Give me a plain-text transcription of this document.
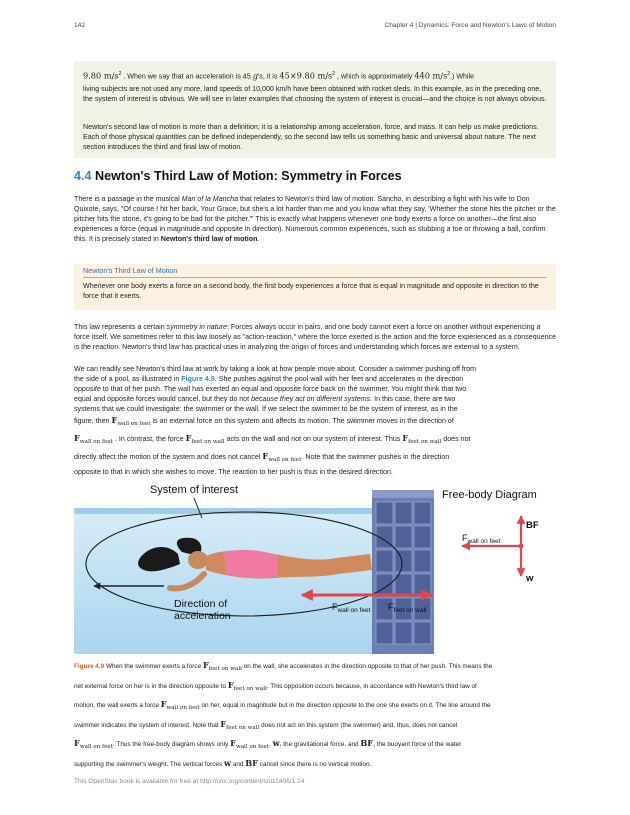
142	Chapter 4 | Dynamics: Force and Newton's Laws of Motion
9.80 $m/s^2$ . When we say that an acceleration is 45 g's, it is 45×9.80 $m/s^2$ , which is approximately 440 $m/s^2$.) While

living subjects are not used any more, land speeds of 10,000 km/h have been obtained with rocket sleds. In this example, as in the preceding one, the system of interest is obvious. We will see in later examples that choosing the system of interest is crucial—and the choice is not always obvious.

Newton's second law of motion is more than a definition; it is a relationship among acceleration, force, and mass. It can help us make predictions. Each of those physical quantities can be defined independently, so the second law tells us something basic and universal about nature. The next section introduces the third and final law of motion.

4.4 Newton's Third Law of Motion: Symmetry in Forces

There is a passage in the musical Man of la Mancha that relates to Newton's third law of motion. Sancho, in describing a fight with his wife to Don Quixote, says, "Of course I hit her back, Your Grace, but she's a lot harder than me and you know what they say, 'Whether the stone hits the pitcher or the pitcher hits the stone, it's going to be bad for the pitcher.'" This is exactly what happens whenever one body exerts a force on another—the first also experiences a force (equal in magnitude and opposite in direction). Numerous common experiences, such as stubbing a toe or throwing a ball, confirm this. It is precisely stated in Newton's third law of motion.

Newton's Third Law of Motion

Whenever one body exerts a force on a second body, the first body experiences a force that is equal in magnitude and opposite in direction to the force that it exerts.

This law represents a certain symmetry in nature: Forces always occur in pairs, and one body cannot exert a force on another without experiencing a force itself. We sometimes refer to this law loosely as "action-reaction," where the force exerted is the action and the force experienced as a consequence is the reaction. Newton's third law has practical uses in analyzing the origin of forces and understanding which forces are external to a system.

We can readily see Newton's third law at work by taking a look at how people move about. Consider a swimmer pushing off from
the side of a pool, as illustrated in Figure 4.9. She pushes against the pool wall with her feet and accelerates in the direction
opposite to that of her push. The wall has exerted an equal and opposite force back on the swimmer. You might think that two
equal and opposite forces would cancel, but they do not because they act on different systems. In this case, there are two
systems that we could investigate: the swimmer or the wall. If we select the swimmer to be the system of interest, as in the
figure, then $F_{wall on feet}$ is an external force on this system and affects its motion. The swimmer moves in the direction of
$F_{wall on feet}$ . In contrast, the force $F_{feet on wall}$ acts on the wall and not on our system of interest. Thus $F_{feet on wall}$ does not
directly affect the motion of the system and does not cancel $F_{wall on feet}$. Note that the swimmer pushes in the direction
opposite to that in which she wishes to move. The reaction to her push is thus in the desired direction.
System of interest
Direction of
acceleration
$F_{wall on feet}$ $F_{feet on wall}$
Free-body Diagram
BF
w
$F_{wall on feet}$
Figure 4.9 When the swimmer exerts a force $F_{feet on wall}$ on the wall, she accelerates in the direction opposite to that of her push. This means the
net external force on her is in the direction opposite to $F_{feet on wall}$. This opposition occurs because, in accordance with Newton's third law of
motion, the wall exerts a force $F_{wall on feet}$ on her, equal in magnitude but in the direction opposite to the one she exerts on it. The line around the
swimmer indicates the system of interest. Note that $F_{feet on wall}$ does not act on this system (the swimmer) and, thus, does not cancel
$F_{wall on feet}$. Thus the free-body diagram shows only $F_{wall on feet}$, w, the gravitational force, and BF, the buoyant force of the water
supporting the swimmer's weight. The vertical forces w and BF cancel since there is no vertical motion.
This OpenStax book is available for free at http://cnx.org/content/col11406/1.14
